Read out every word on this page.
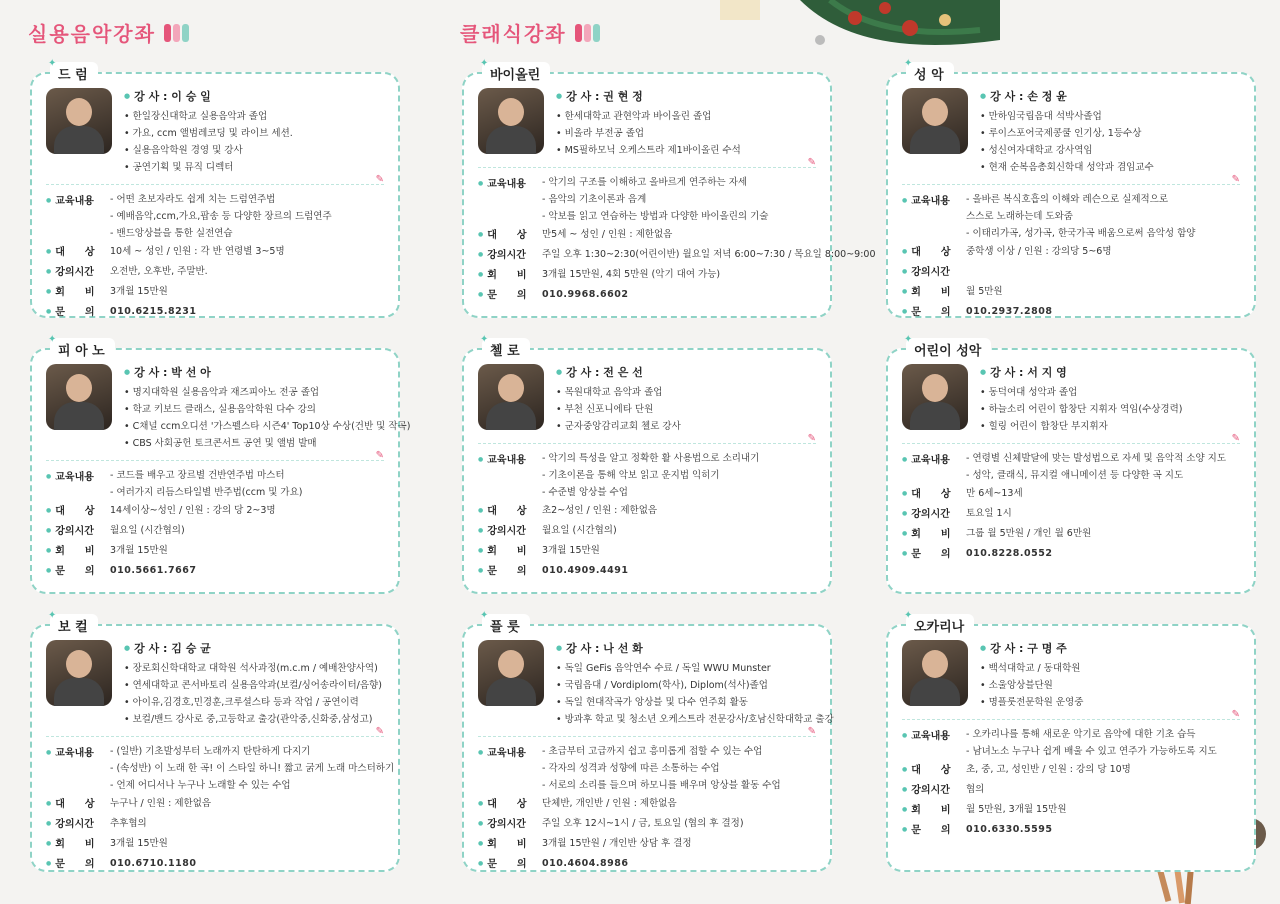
실용음악강좌	클래식강좌
✦
드 럼
● 강 사 : 이 승 일
• 한일장신대학교 실용음악과 졸업
• 가요, ccm 앨범레코딩 및 라이브 세션.
• 실용음악학원 경영 및 강사
• 공연기획 및 뮤직 디렉터
✎
● 교육내용	- 어떤 초보자라도 쉽게 치는 드럼연주법
- 예배음악,ccm,가요,팝송 등 다양한 장르의 드럼연주
- 밴드앙상블을 통한 실전연습
● 대　　상	10세 ~ 성인 / 인원 : 각 반 연령별 3~5명
● 강의시간	오전반, 오후반, 주말반.
● 회　　비	3개월 15만원
● 문　　의	010.6215.8231
✦
바이올린
● 강 사 : 권 현 정
• 한세대학교 관현악과 바이올린 졸업
• 비올라 부전공 졸업
• MS필하모닉 오케스트라 제1바이올린 수석
✎
● 교육내용	- 악기의 구조를 이해하고 올바르게 연주하는 자세
- 음악의 기초이론과 음계
- 악보를 읽고 연습하는 방법과 다양한 바이올린의 기술
● 대　　상	만5세 ~ 성인 / 인원 : 제한없음
● 강의시간	주일 오후 1:30~2:30(어린이반) 월요일 저녁 6:00~7:30 / 목요일 8:00~9:00
● 회　　비	3개월 15만원, 4회 5만원 (악기 대여 가능)
● 문　　의	010.9968.6602
✦
성 악
● 강 사 : 손 정 윤
• 만하임국립음대 석박사졸업
• 루이스포어국제콩쿨 인기상, 1등수상
• 성신여자대학교 강사역임
• 현재 순복음총회신학대 성악과 겸임교수
✎
● 교육내용	- 올바른 복식호흡의 이해와 레슨으로 실제적으로
스스로 노래하는데 도와줌
- 이태리가곡, 성가곡, 한국가곡 배움으로써 음악성 함양
● 대　　상	중학생 이상 / 인원 : 강의당 5~6명
● 강의시간
● 회　　비	월 5만원
● 문　　의	010.2937.2808
✦
피 아 노
● 강 사 : 박 선 아
• 명지대학원 실용음악과 재즈피아노 전공 졸업
• 학교 키보드 클래스, 실용음악학원 다수 강의
• C채널 ccm오디션 '가스펠스타 시즌4' Top10상 수상(건반 및 작곡)
• CBS 사회공헌 토크콘서트 공연 및 앨범 발매
✎
● 교육내용	- 코드를 배우고 장르별 건반연주법 마스터
- 여러가지 리듬스타일별 반주법(ccm 및 가요)
● 대　　상	14세이상~성인 / 인원 : 강의 당 2~3명
● 강의시간	월요일 (시간협의)
● 회　　비	3개월 15만원
● 문　　의	010.5661.7667
✦
첼 로
● 강 사 : 전 은 선
• 목원대학교 음악과 졸업
• 부천 신포니에타 단원
• 군자중앙감리교회 첼로 강사
✎
● 교육내용	- 악기의 특성을 알고 정확한 활 사용법으로 소리내기
- 기초이론을 통해 악보 읽고 운지법 익히기
- 수준별 앙상블 수업
● 대　　상	초2~성인 / 인원 : 제한없음
● 강의시간	월요일 (시간협의)
● 회　　비	3개월 15만원
● 문　　의	010.4909.4491
✦
어린이 성악
● 강 사 : 서 지 영
• 동덕여대 성악과 졸업
• 하늘소리 어린이 합창단 지휘자 역임(수상경력)
• 힐링 어린이 합창단 부지휘자
✎
● 교육내용	- 연령별 신체발달에 맞는 발성법으로 자세 및 음악적 소양 지도
- 성악, 클래식, 뮤지컬 애니메이션 등 다양한 곡 지도
● 대　　상	만 6세~13세
● 강의시간	토요일 1시
● 회　　비	그룹 월 5만원 / 개인 월 6만원
● 문　　의	010.8228.0552
✦
보 컬
● 강 사 : 김 승 균
• 장로회신학대학교 대학원 석사과정(m.c.m / 예배찬양사역)
• 연세대학교 콘서바토리 실용음악과(보컬/싱어송라이터/음향)
• 아이유,김경호,민경훈,크루셜스타 등과 작업 / 공연이력
• 보컬/밴드 강사로 중,고등학교 출강(관악중,신화중,삼성고)
✎
● 교육내용	- (일반) 기초발성부터 노래까지 탄탄하게 다지기
- (속성반) 이 노래 한 곡! 이 스타일 하니! 짧고 굵게 노래 마스터하기
- 언제 어디서나 누구나 노래할 수 있는 수업
● 대　　상	누구나 / 인원 : 제한없음
● 강의시간	추후협의
● 회　　비	3개월 15만원
● 문　　의	010.6710.1180
✦
플 룻
● 강 사 : 나 선 화
• 독일 GeFis 음악연수 수료 / 독일 WWU Munster
• 국립음대 / Vordiplom(학사), Diplom(석사)졸업
• 독일 현대작곡가 앙상블 및 다수 연주회 활동
• 방과후 학교 및 청소년 오케스트라 전문강사/호남신학대학교 출강
✎
● 교육내용	- 초급부터 고급까지 쉽고 흥미롭게 접할 수 있는 수업
- 각자의 성격과 성향에 따른 소통하는 수업
- 서로의 소리를 들으며 하모니를 배우며 앙상블 활동 수업
● 대　　상	단체반, 개인반 / 인원 : 제한없음
● 강의시간	주일 오후 12시~1시 / 금, 토요일 (협의 후 결정)
● 회　　비	3개월 15만원 / 개인반 상담 후 결정
● 문　　의	010.4604.8986
✦
오카리나
● 강 사 : 구 명 주
• 백석대학교 / 동대학원
• 소울앙상블단원
• 명플룻전문학원 운영중
✎
● 교육내용	- 오카리나를 통해 새로운 악기로 음악에 대한 기초 습득
- 남녀노소 누구나 쉽게 배울 수 있고 연주가 가능하도록 지도
● 대　　상	초, 중, 고, 성인반 / 인원 : 강의 당 10명
● 강의시간	협의
● 회　　비	월 5만원, 3개월 15만원
● 문　　의	010.6330.5595
